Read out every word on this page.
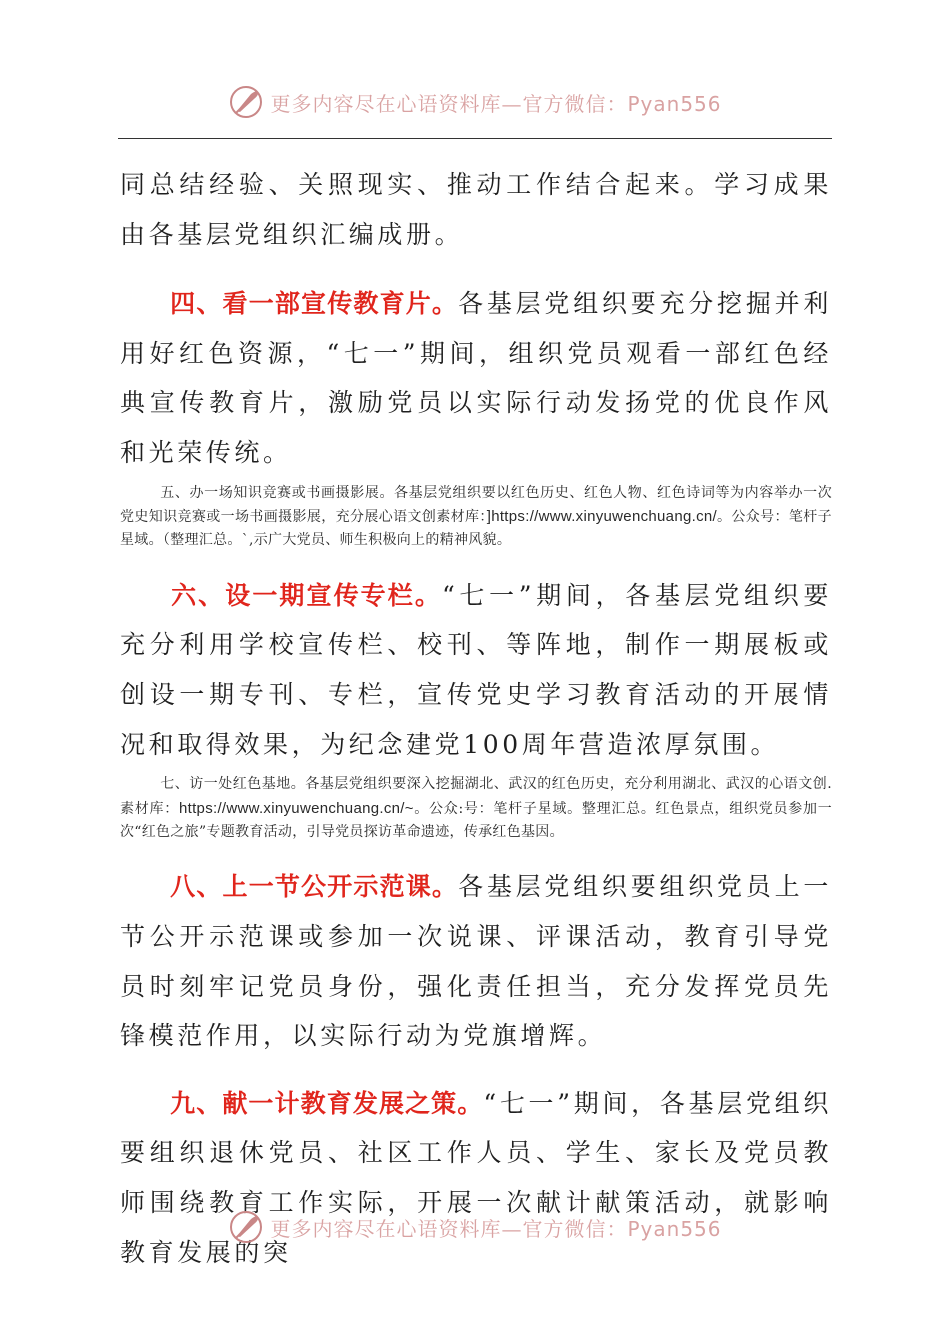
更多内容尽在心语资料库—官方微信：Pyan556

同总结经验、关照现实、推动工作结合起来。学习成果由各基层党组织汇编成册。

四、看一部宣传教育片。各基层党组织要充分挖掘并利用好红色资源，“七一”期间，组织党员观看一部红色经典宣传教育片，激励党员以实际行动发扬党的优良作风和光荣传统。

五、办一场知识竞赛或书画摄影展。各基层党组织要以红色历史、红色人物、红色诗词等为内容举办一次党史知识竞赛或一场书画摄影展，充分展心语文创素材库：]https://www.xinyuwenchuang.cn/。公众号：笔杆子星域。（整理汇总。`,示广大党员、师生积极向上的精神风貌。

六、设一期宣传专栏。“七一”期间，各基层党组织要充分利用学校宣传栏、校刊、等阵地，制作一期展板或创设一期专刊、专栏，宣传党史学习教育活动的开展情况和取得效果，为纪念建党100周年营造浓厚氛围。

七、访一处红色基地。各基层党组织要深入挖掘湖北、武汉的红色历史，充分利用湖北、武汉的心语文创.素材库：https://www.xinyuwenchuang.cn/~。公众:号：笔杆子星域。整理汇总。红色景点，组织党员参加一次“红色之旅”专题教育活动，引导党员探访革命遗迹，传承红色基因。

八、上一节公开示范课。各基层党组织要组织党员上一节公开示范课或参加一次说课、评课活动，教育引导党员时刻牢记党员身份，强化责任担当，充分发挥党员先锋模范作用，以实际行动为党旗增辉。

九、献一计教育发展之策。“七一”期间，各基层党组织要组织退休党员、社区工作人员、学生、家长及党员教师围绕教育工作实际，开展一次献计献策活动，就影响教育发展的突

更多内容尽在心语资料库—官方微信：Pyan556
